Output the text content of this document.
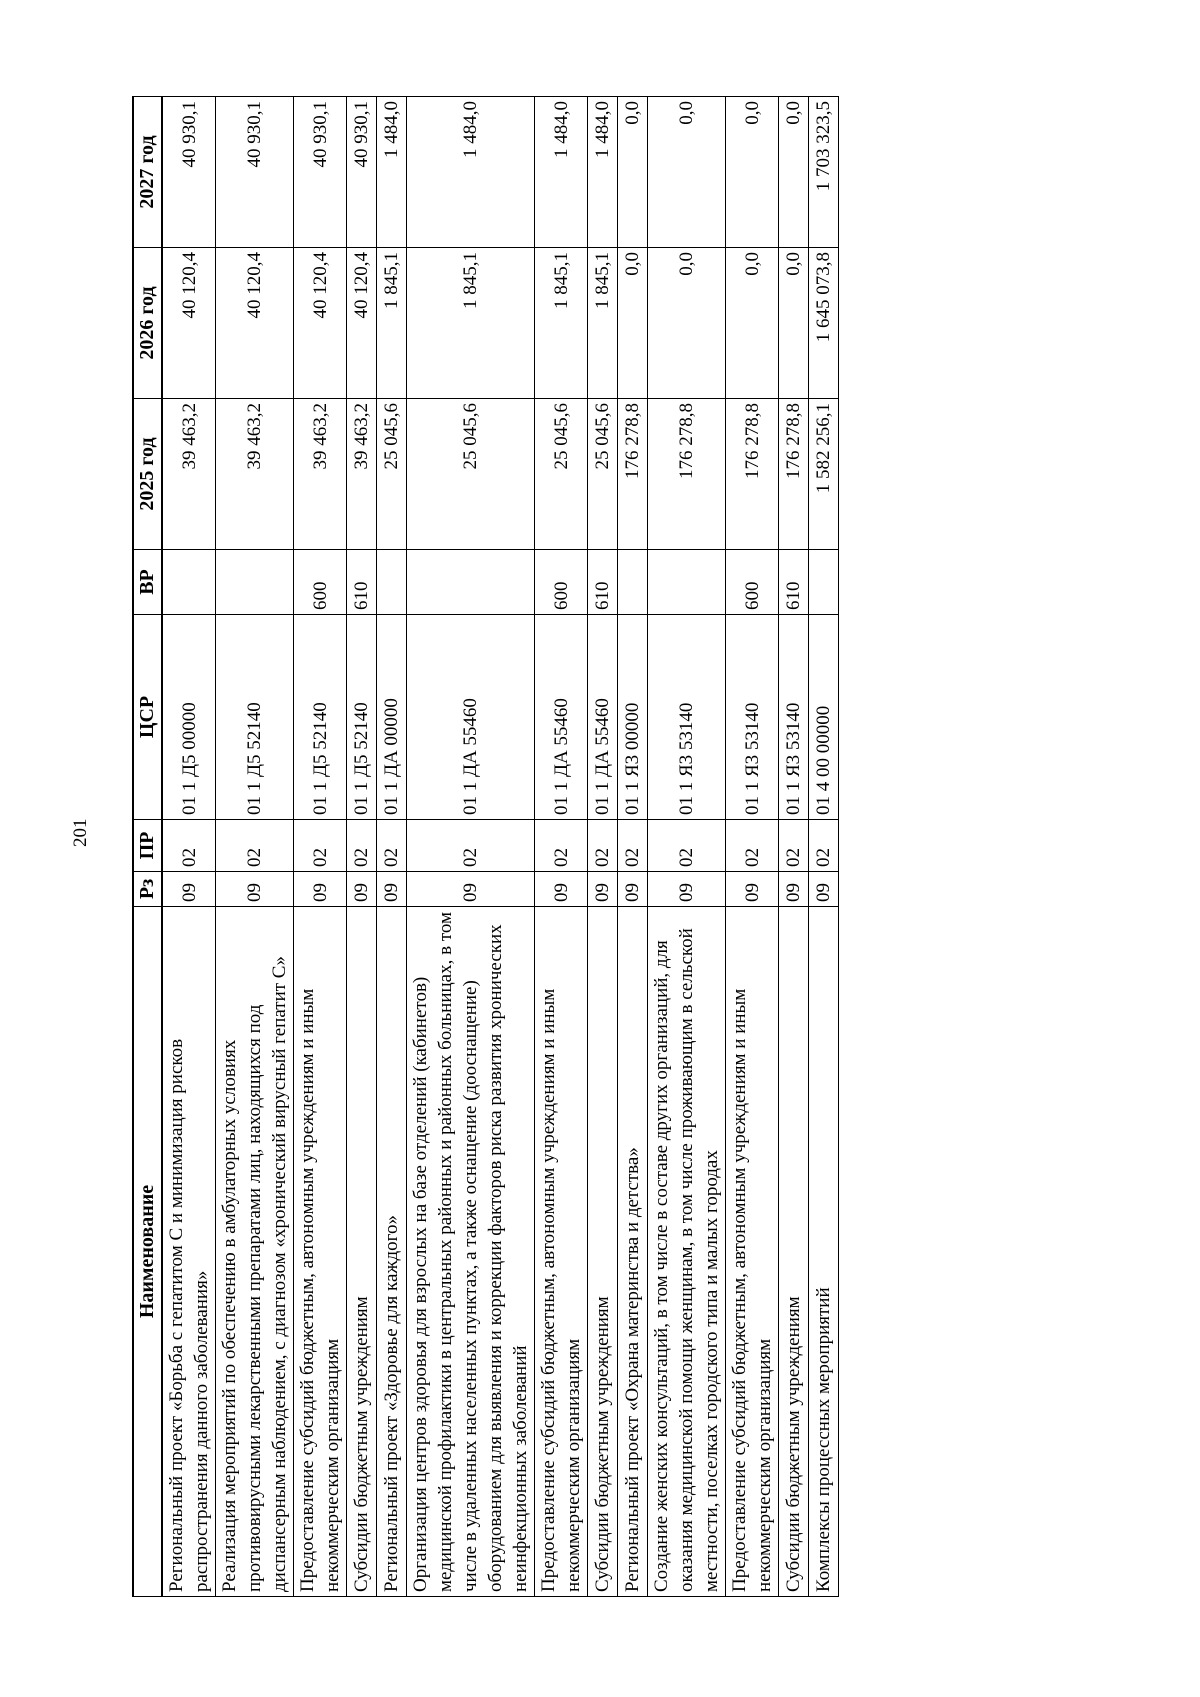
201
Наименование	Рз	ПР	ЦСР	ВР	2025 год	2026 год	2027 год
Региональный проект «Борьба с гепатитом С и минимизация рисков распространения данного заболевания»	09	02	01 1 Д5 00000		39 463,2	40 120,4	40 930,1
Реализация мероприятий по обеспечению в амбулаторных условиях противовирусными лекарственными препаратами лиц, находящихся под диспансерным наблюдением, с диагнозом «хронический вирусный гепатит С»	09	02	01 1 Д5 52140		39 463,2	40 120,4	40 930,1
Предоставление субсидий бюджетным, автономным учреждениям и иным некоммерческим организациям	09	02	01 1 Д5 52140	600	39 463,2	40 120,4	40 930,1
Субсидии бюджетным учреждениям	09	02	01 1 Д5 52140	610	39 463,2	40 120,4	40 930,1
Региональный проект «Здоровье для каждого»	09	02	01 1 ДА 00000		25 045,6	1 845,1	1 484,0
Организация центров здоровья для взрослых на базе отделений (кабинетов) медицинской профилактики в центральных районных и районных больницах, в том числе в удаленных населенных пунктах, а также оснащение (дооснащение) оборудованием для выявления и коррекции факторов риска развития хронических неинфекционных заболеваний	09	02	01 1 ДА 55460		25 045,6	1 845,1	1 484,0
Предоставление субсидий бюджетным, автономным учреждениям и иным некоммерческим организациям	09	02	01 1 ДА 55460	600	25 045,6	1 845,1	1 484,0
Субсидии бюджетным учреждениям	09	02	01 1 ДА 55460	610	25 045,6	1 845,1	1 484,0
Региональный проект «Охрана материнства и детства»	09	02	01 1 Я3 00000		176 278,8	0,0	0,0
Создание женских консультаций, в том числе в составе других организаций, для оказания медицинской помощи женщинам, в том числе проживающим в сельской местности, поселках городского типа и малых городах	09	02	01 1 Я3 53140		176 278,8	0,0	0,0
Предоставление субсидий бюджетным, автономным учреждениям и иным некоммерческим организациям	09	02	01 1 Я3 53140	600	176 278,8	0,0	0,0
Субсидии бюджетным учреждениям	09	02	01 1 Я3 53140	610	176 278,8	0,0	0,0
Комплексы процессных мероприятий	09	02	01 4 00 00000		1 582 256,1	1 645 073,8	1 703 323,5
